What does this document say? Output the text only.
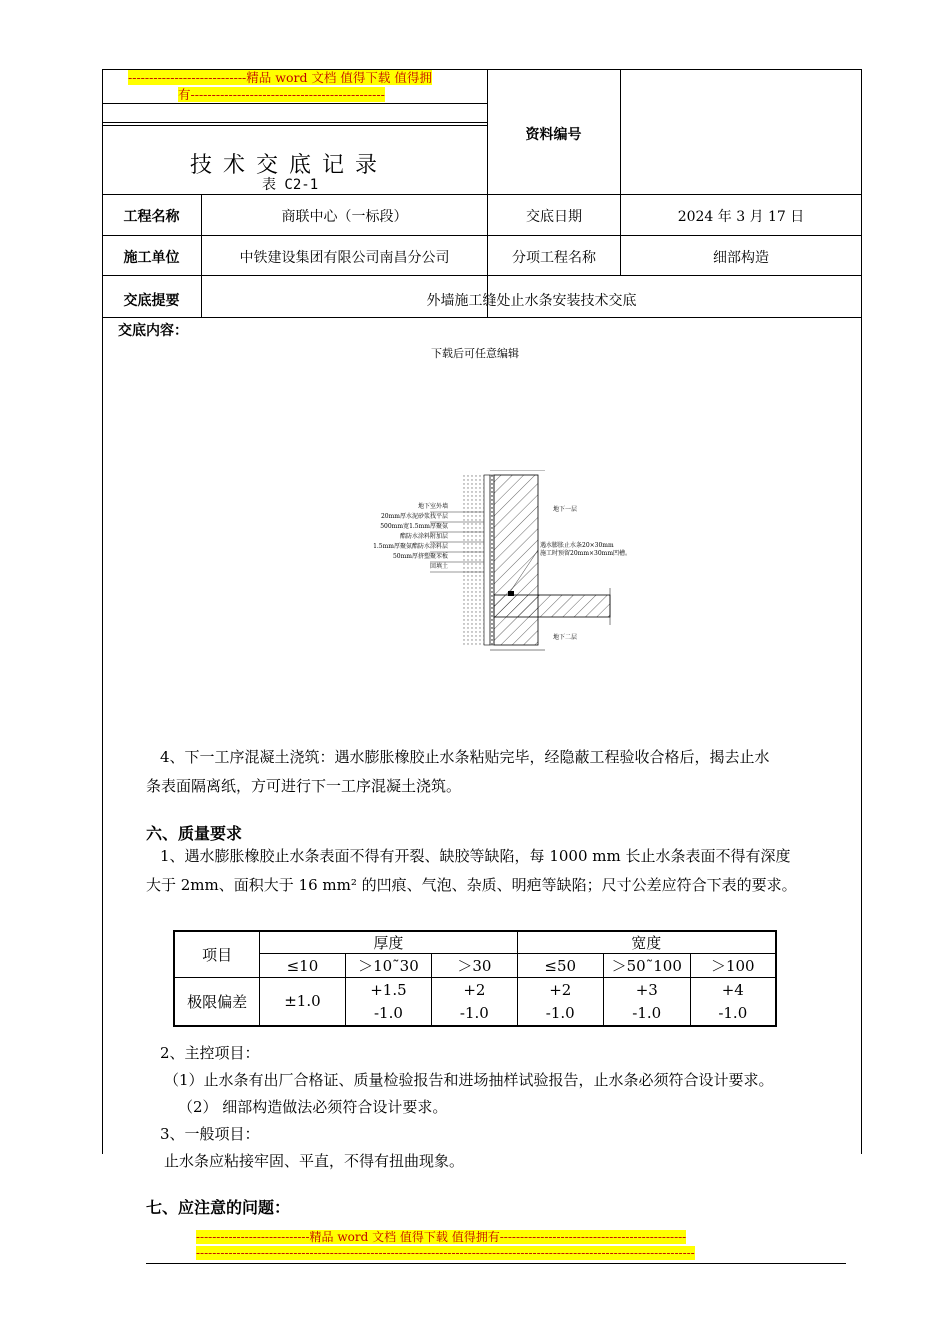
----------------------------精品 word 文档 值得下载 值得拥
有----------------------------------------------
技 术 交 底 记 录
表 C2-1
资料编号
工程名称	商联中心（一标段）	交底日期	2024 年 3 月 17 日
施工单位	中铁建设集团有限公司南昌分公司	分项工程名称	细部构造
交底提要	外墙施工缝处止水条安装技术交底
交底内容：
下载后可任意编辑
地下室外墙
20mm厚水泥砂浆找平层
500mm宽1.5mm厚聚氨
酯防水涂料附加层
1.5mm厚聚氨酯防水涂料层
50mm厚挤塑聚苯板
回填土
地下一层
地下二层
遇水膨胀止水条20×30mm
施工时预留20mm×30mm凹槽。
4、下一工序混凝土浇筑：遇水膨胀橡胶止水条粘贴完毕，经隐蔽工程验收合格后，揭去止水
条表面隔离纸，方可进行下一工序混凝土浇筑。
六、质量要求
1、遇水膨胀橡胶止水条表面不得有开裂、缺胶等缺陷，每 1000 mm 长止水条表面不得有深度
大于 2mm、面积大于 16 mm² 的凹痕、气泡、杂质、明疤等缺陷；尺寸公差应符合下表的要求。
项目	厚度			宽度		
	≤10	＞10˜30	＞30	≤50	＞50˜100	＞100
极限偏差	±1.0	+1.5	+2	+2	+3	+4
		-1.0	-1.0	-1.0	-1.0	-1.0
2、主控项目：
（1）止水条有出厂合格证、质量检验报告和进场抽样试验报告，止水条必须符合设计要求。
（2） 细部构造做法必须符合设计要求。
3、一般项目：
止水条应粘接牢固、平直，不得有扭曲现象。
七、应注意的问题：
----------------------------精品 word 文档 值得下载 值得拥有----------------------------------------------
---------------------------------------------------------------------------------------------------------------------------
